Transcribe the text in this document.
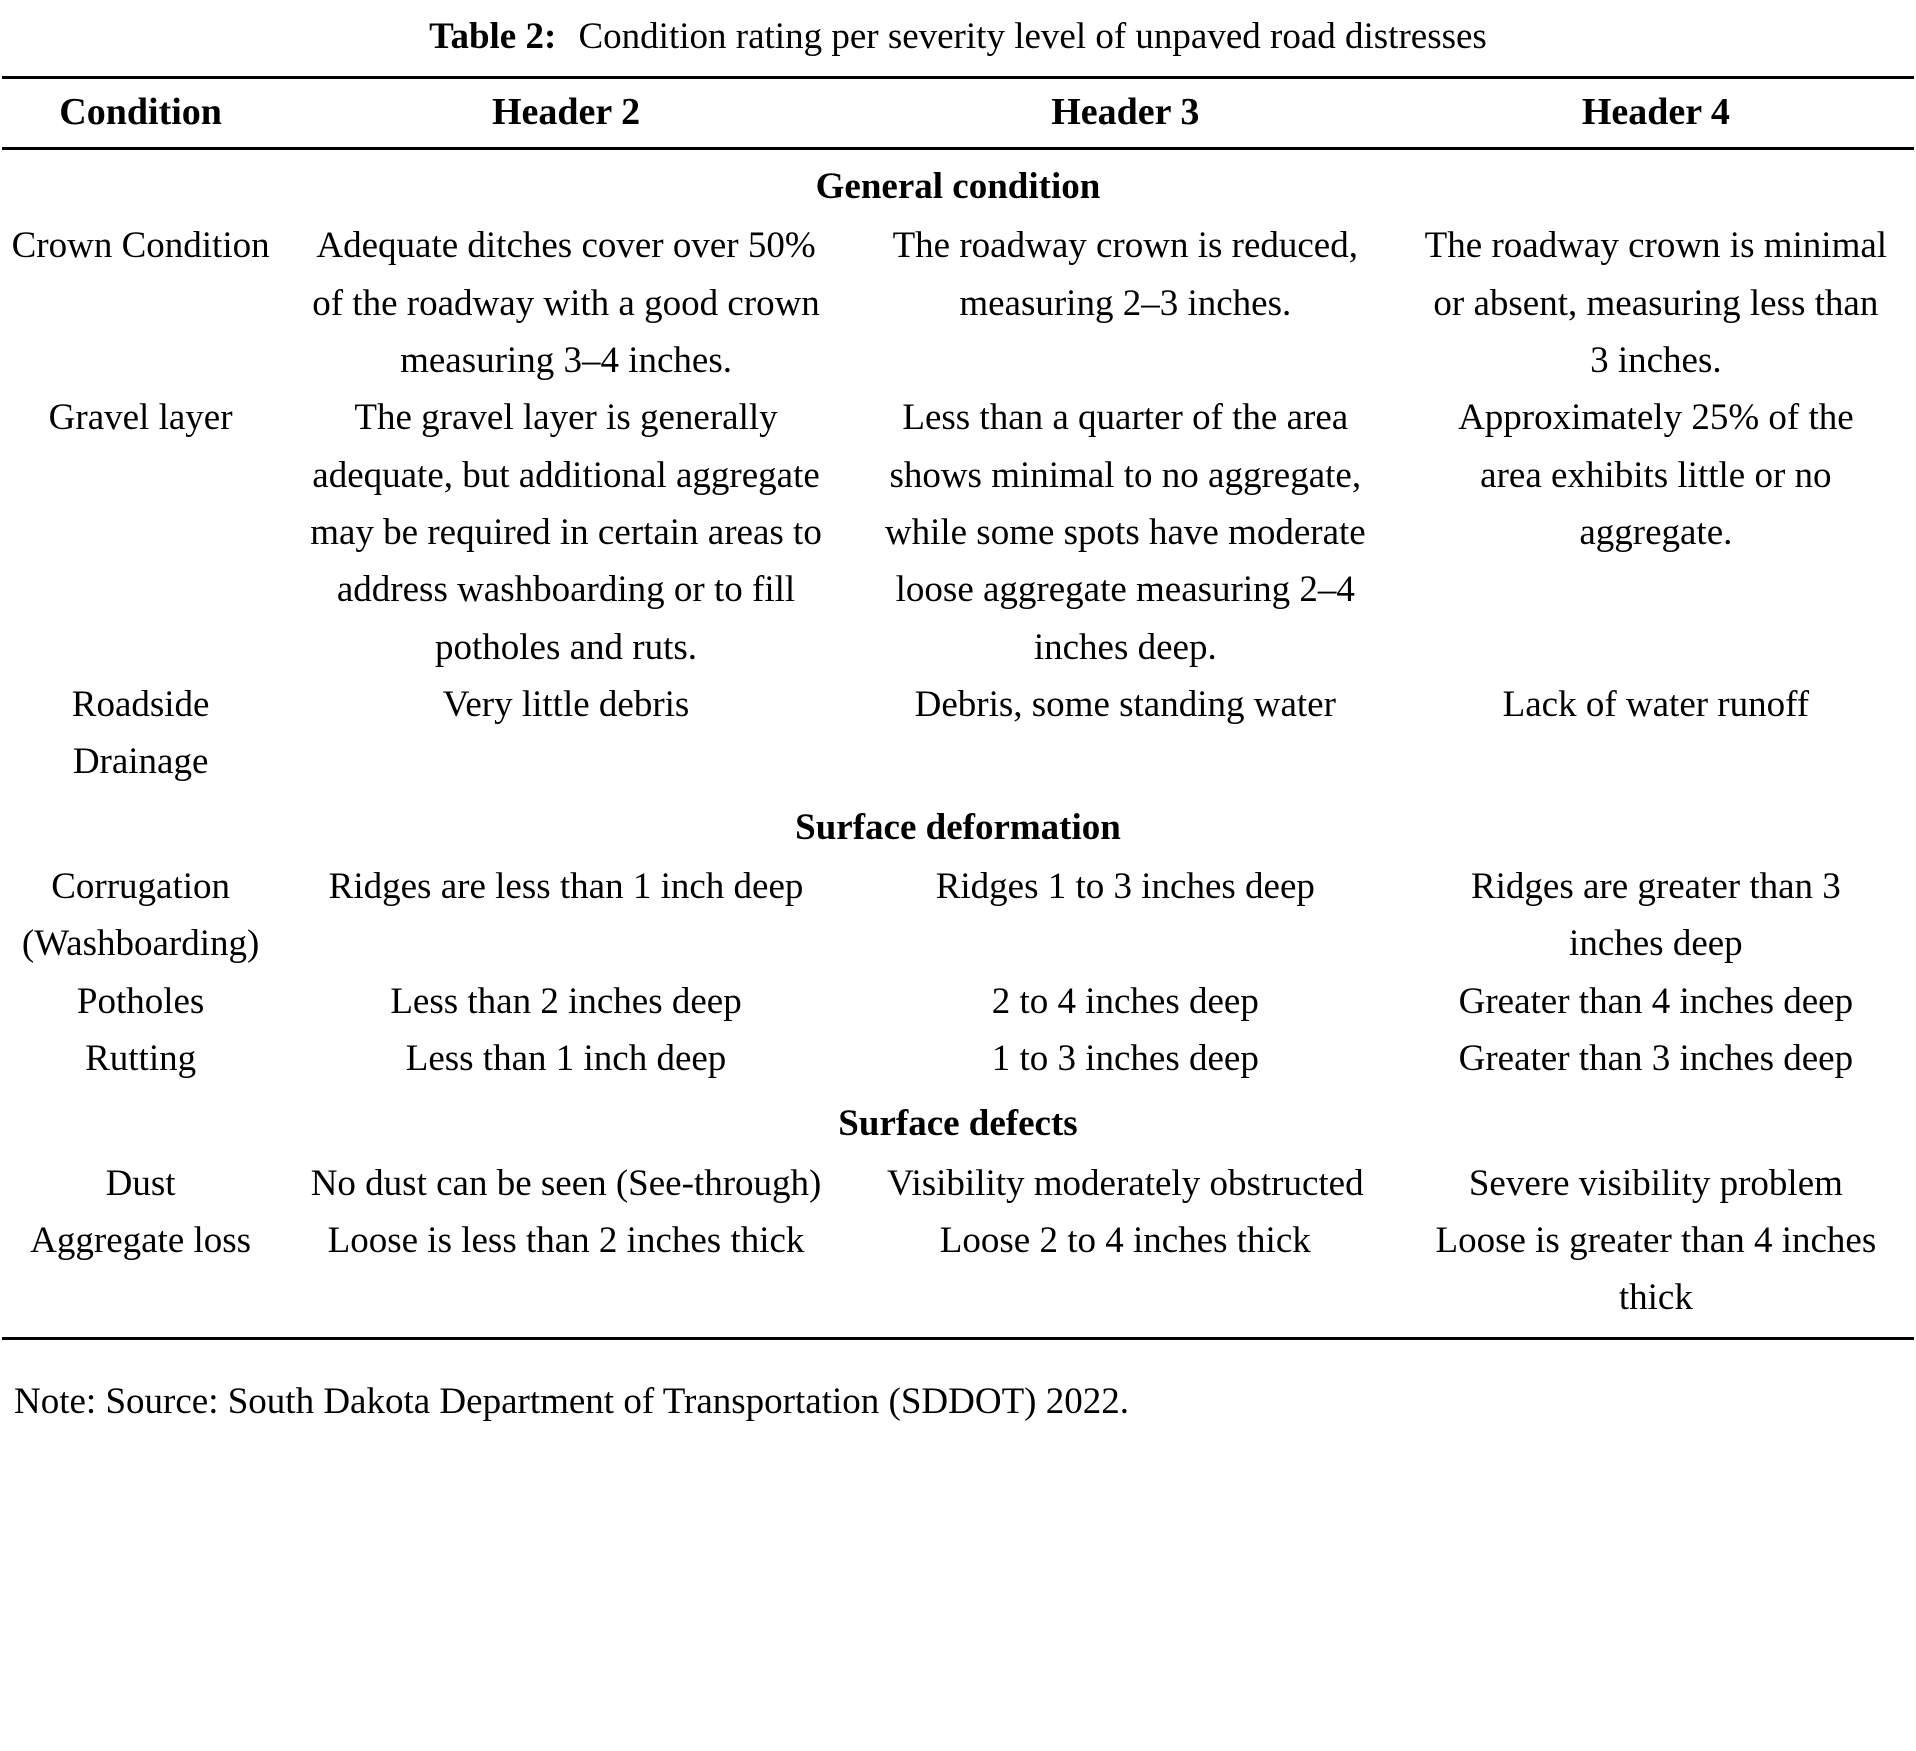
Table 2: Condition rating per severity level of unpaved road distresses
Condition	Header 2	Header 3	Header 4
General condition			
Crown Condition	Adequate ditches cover over 50% of the roadway with a good crown measuring 3–4 inches.	The roadway crown is reduced, measuring 2–3 inches.	The roadway crown is minimal or absent, measuring less than 3 inches.
Gravel layer	The gravel layer is generally adequate, but additional aggregate may be required in certain areas to address washboarding or to fill potholes and ruts.	Less than a quarter of the area shows minimal to no aggregate, while some spots have moderate loose aggregate measuring 2–4 inches deep.	Approximately 25% of the area exhibits little or no aggregate.
Roadside Drainage	Very little debris	Debris, some standing water	Lack of water runoff
Surface deformation			
Corrugation (Washboarding)	Ridges are less than 1 inch deep	Ridges 1 to 3 inches deep	Ridges are greater than 3 inches deep
Potholes	Less than 2 inches deep	2 to 4 inches deep	Greater than 4 inches deep
Rutting	Less than 1 inch deep	1 to 3 inches deep	Greater than 3 inches deep
Surface defects			
Dust	No dust can be seen (See-through)	Visibility moderately obstructed	Severe visibility problem
Aggregate loss	Loose is less than 2 inches thick	Loose 2 to 4 inches thick	Loose is greater than 4 inches thick
Note: Source: South Dakota Department of Transportation (SDDOT) 2022.
